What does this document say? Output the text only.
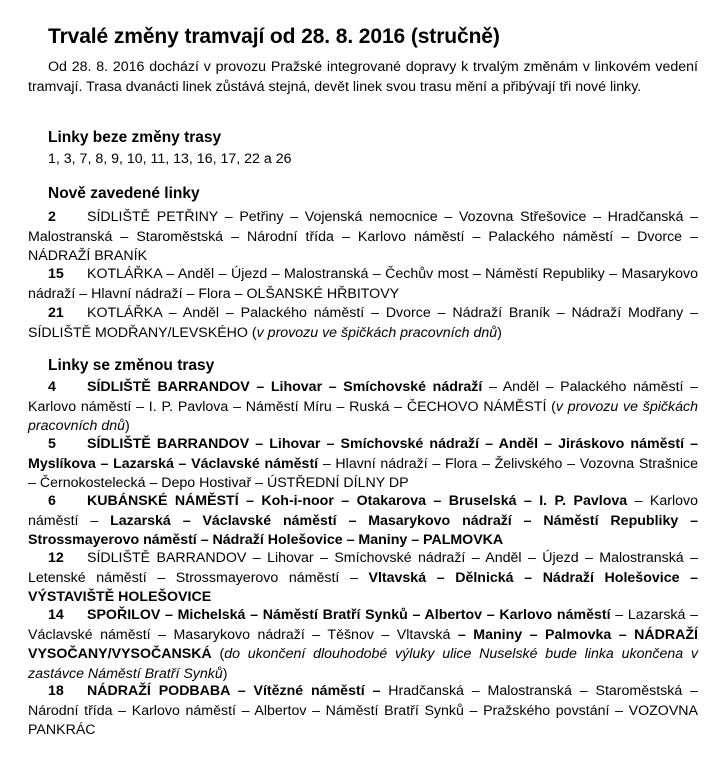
Trvalé změny tramvají od 28. 8. 2016 (stručně)

Od 28. 8. 2016 dochází v provozu Pražské integrované dopravy k trvalým změnám v linkovém vedení tramvají. Trasa dvanácti linek zůstává stejná, devět linek svou trasu mění a přibývají tři nové linky.

Linky beze změny trasy

1, 3, 7, 8, 9, 10, 11, 13, 16, 17, 22 a 26

Nově zavedené linky

2 SÍDLIŠTĚ PETŘINY – Petřiny – Vojenská nemocnice – Vozovna Střešovice – Hradčanská – Malostranská – Staroměstská – Národní třída – Karlovo náměstí – Palackého náměstí – Dvorce – NÁDRAŽÍ BRANÍK

15 KOTLÁŘKA – Anděl – Újezd – Malostranská – Čechův most – Náměstí Republiky – Masarykovo nádraží – Hlavní nádraží – Flora – OLŠANSKÉ HŘBITOVY

21 KOTLÁŘKA – Anděl – Palackého náměstí – Dvorce – Nádraží Braník – Nádraží Modřany – SÍDLIŠTĚ MODŘANY/LEVSKÉHO (v provozu ve špičkách pracovních dnů)

Linky se změnou trasy

4 SÍDLIŠTĚ BARRANDOV – Lihovar – Smíchovské nádraží – Anděl – Palackého náměstí – Karlovo náměstí – I. P. Pavlova – Náměstí Míru – Ruská – ČECHOVO NÁMĚSTÍ (v provozu ve špičkách pracovních dnů)

5 SÍDLIŠTĚ BARRANDOV – Lihovar – Smíchovské nádraží – Anděl – Jiráskovo náměstí – Myslíkova – Lazarská – Václavské náměstí – Hlavní nádraží – Flora – Želivského – Vozovna Strašnice – Černokostelecká – Depo Hostivař – ÚSTŘEDNÍ DÍLNY DP

6 KUBÁNSKÉ NÁMĚSTÍ – Koh-i-noor – Otakarova – Bruselská – I. P. Pavlova – Karlovo náměstí – Lazarská – Václavské náměstí – Masarykovo nádraží – Náměstí Republiky – Strossmayerovo náměstí – Nádraží Holešovice – Maniny – PALMOVKA

12 SÍDLIŠTĚ BARRANDOV – Lihovar – Smíchovské nádraží – Anděl – Újezd – Malostranská – Letenské náměstí – Strossmayerovo náměstí – Vltavská – Dělnická – Nádraží Holešovice – VÝSTAVIŠTĚ HOLEŠOVICE

14 SPOŘILOV – Michelská – Náměstí Bratří Synků – Albertov – Karlovo náměstí – Lazarská – Václavské náměstí – Masarykovo nádraží – Těšnov – Vltavská – Maniny – Palmovka – NÁDRAŽÍ VYSOČANY/VYSOČANSKÁ (do ukončení dlouhodobé výluky ulice Nuselské bude linka ukončena v zastávce Náměstí Bratří Synků)

18 NÁDRAŽÍ PODBABA – Vítězné náměstí – Hradčanská – Malostranská – Staroměstská – Národní třída – Karlovo náměstí – Albertov – Náměstí Bratří Synků – Pražského povstání – VOZOVNA PANKRÁC
